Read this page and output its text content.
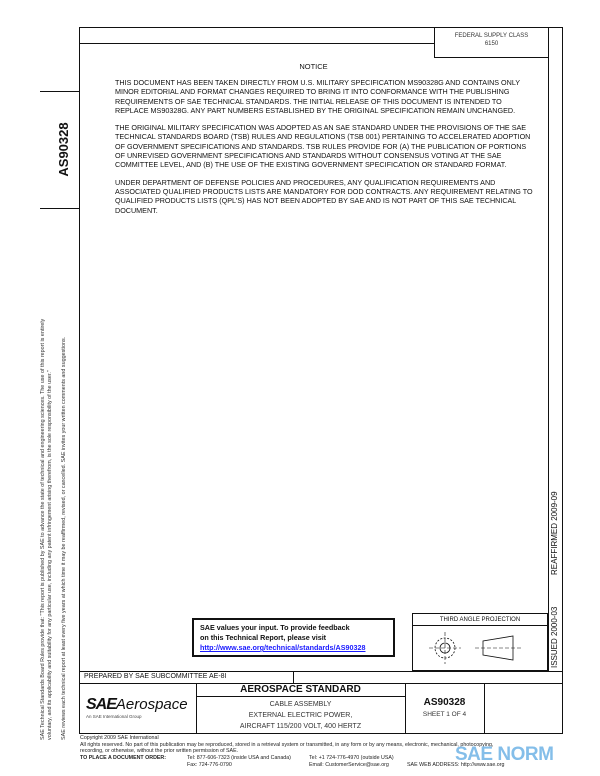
FEDERAL SUPPLY CLASS
6150
NOTICE

THIS DOCUMENT HAS BEEN TAKEN DIRECTLY FROM U.S. MILITARY SPECIFICATION MS90328G AND CONTAINS ONLY MINOR EDITORIAL AND FORMAT CHANGES REQUIRED TO BRING IT INTO CONFORMANCE WITH THE PUBLISHING REQUIREMENTS OF SAE TECHNICAL STANDARDS. THE INITIAL RELEASE OF THIS DOCUMENT IS INTENDED TO REPLACE MS90328G. ANY PART NUMBERS ESTABLISHED BY THE ORIGINAL SPECIFICATION REMAIN UNCHANGED.

THE ORIGINAL MILITARY SPECIFICATION WAS ADOPTED AS AN SAE STANDARD UNDER THE PROVISIONS OF THE SAE TECHNICAL STANDARDS BOARD (TSB) RULES AND REGULATIONS (TSB 001) PERTAINING TO ACCELERATED ADOPTION OF GOVERNMENT SPECIFICATIONS AND STANDARDS. TSB RULES PROVIDE FOR (A) THE PUBLICATION OF PORTIONS OF UNREVISED GOVERNMENT SPECIFICATIONS AND STANDARDS WITHOUT CONSENSUS VOTING AT THE SAE COMMITTEE LEVEL, AND (B) THE USE OF THE EXISTING GOVERNMENT SPECIFICATION OR STANDARD FORMAT.

UNDER DEPARTMENT OF DEFENSE POLICIES AND PROCEDURES, ANY QUALIFICATION REQUIREMENTS AND ASSOCIATED QUALIFIED PRODUCTS LISTS ARE MANDATORY FOR DOD CONTRACTS. ANY REQUIREMENT RELATING TO QUALIFIED PRODUCTS LISTS (QPL'S) HAS NOT BEEN ADOPTED BY SAE AND IS NOT PART OF THIS SAE TECHNICAL DOCUMENT.

AS90328
SAE Technical Standards Board Rules provide that: "This report is published by SAE to advance the state of technical and engineering sciences. The use of this report is entirely voluntary, and its applicability and suitability for any particular use, including any patent infringement arising therefrom, is the sole responsibility of the user." SAE reviews each technical report at least every five years at which time it may be reaffirmed, revised, or cancelled. SAE invites your written comments and suggestions.	REAFFIRMED 2009-09
ISSUED 2000-03
SAE values your input. To provide feedback
on this Technical Report, please visit
http://www.sae.org/technical/standards/AS90328
THIRD ANGLE PROJECTION
PREPARED BY SAE SUBCOMMITTEE AE-8I
SAEAerospace
An SAE International Group
AEROSPACE STANDARD
CABLE ASSEMBLY
EXTERNAL ELECTRIC POWER,
AIRCRAFT 115/200 VOLT, 400 HERTZ
AS90328
SHEET 1 OF 4
Copyright 2009 SAE International
All rights reserved. No part of this publication may be reproduced, stored in a retrieval system or transmitted, in any form or by any means, electronic, mechanical, photocopying,
recording, or otherwise, without the prior written permission of SAE.
TO PLACE A DOCUMENT ORDER:	Tel: 877-606-7323 (inside USA and Canada)
Fax: 724-776-0790
Tel: +1 724-776-4970 (outside USA)
Email: CustomerService@sae.org	SAE WEB ADDRESS: http://www.sae.org
SAE NORM
